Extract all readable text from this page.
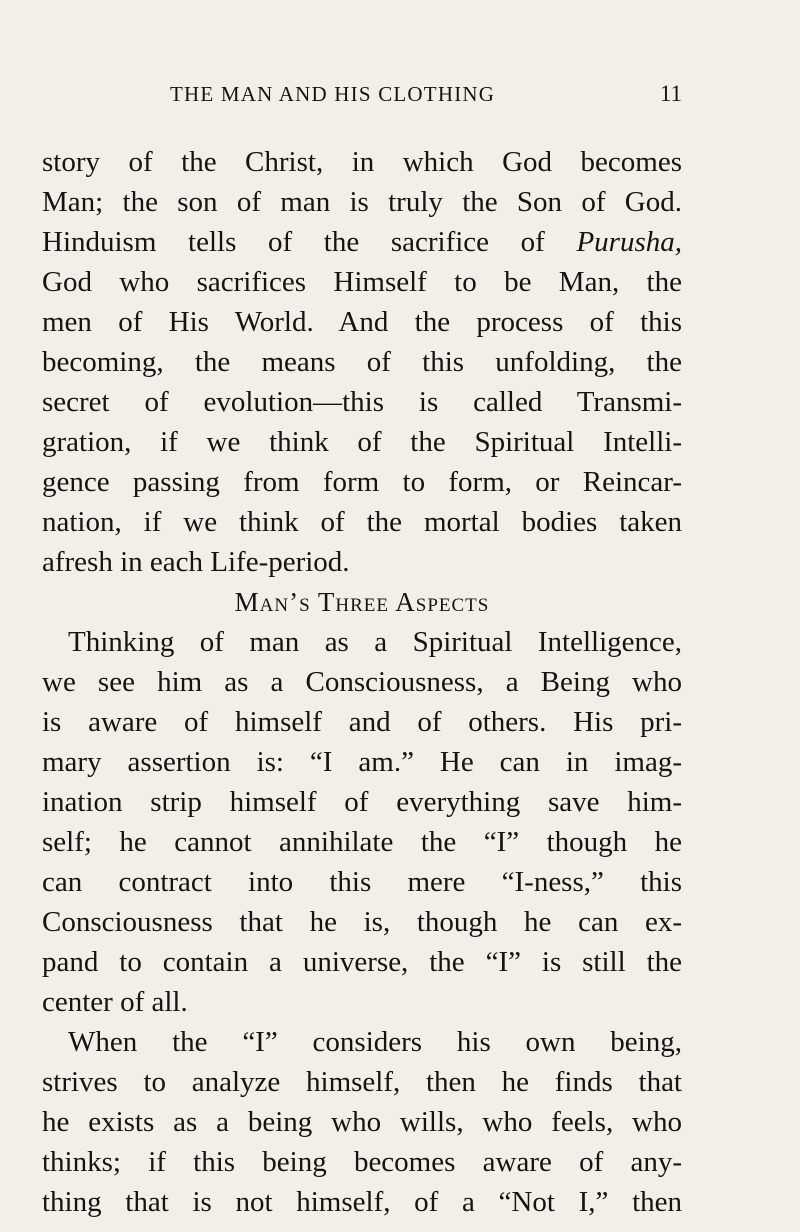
THE MAN AND HIS CLOTHING	11
story of the Christ, in which God becomes
Man; the son of man is truly the Son of God.
Hinduism tells of the sacrifice of Purusha,
God who sacrifices Himself to be Man, the
men of His World. And the process of this
becoming, the means of this unfolding, the
secret of evolution—this is called Transmi-
gration, if we think of the Spiritual Intelli-
gence passing from form to form, or Reincar-
nation, if we think of the mortal bodies taken
afresh in each Life-period.
Man’s Three Aspects
Thinking of man as a Spiritual Intelligence,
we see him as a Consciousness, a Being who
is aware of himself and of others. His pri-
mary assertion is: “I am.” He can in imag-
ination strip himself of everything save him-
self; he cannot annihilate the “I” though he
can contract into this mere “I-ness,” this
Consciousness that he is, though he can ex-
pand to contain a universe, the “I” is still the
center of all.
When the “I” considers his own being,
strives to analyze himself, then he finds that
he exists as a being who wills, who feels, who
thinks; if this being becomes aware of any-
thing that is not himself, of a “Not I,” then
